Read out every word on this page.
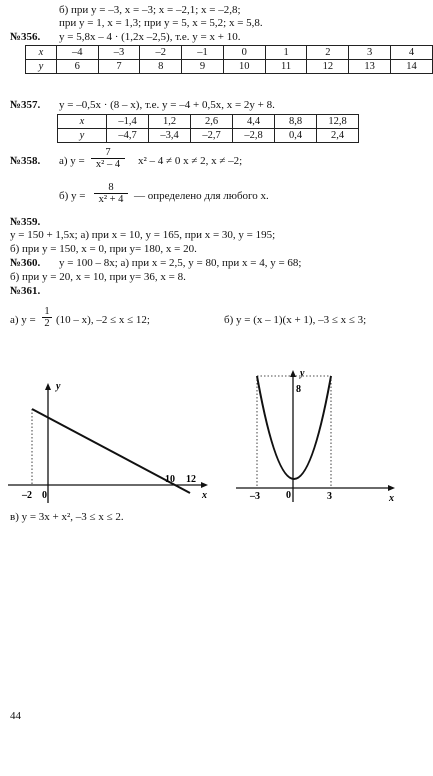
б) при y = –3, x = –3; x = –2,1; x = –2,8;
при y = 1, x = 1,3; при y = 5, x = 5,2; x = 5,8.
№356. y = 5,8x – 4 · (1,2x –2,5), т.е. y = x + 10.
x	–4	–3	–2	–1	0	1	2	3	4
y	6	7	8	9	10	11	12	13	14
№357. y = –0,5x · (8 – x), т.е. y = –4 + 0,5x, x = 2y + 8.
x	–1,4	1,2	2,6	4,4	8,8	12,8
y	–4,7	–3,4	–2,7	–2,8	0,4	2,4
№358. а) $y = \frac{7}{\text{x² – 4}} x^2 - 4 \ne 0$ x ≠ 2, x ≠ –2;
б) $y = \frac{8}{\text{x² + 4}}$ — определено для любого x.
№359.
y = 150 + 1,5x; а) при x = 10, y = 165, при x = 30, y = 195;
б) при y = 150, x = 0, при y= 180, x = 20.
№360. y = 100 – 8x; а) при x = 2,5, y = 80, при x = 4, y = 68;
б) при y = 20, x = 10, при y= 36, x = 8.
№361.
а) $y = \frac{1}{2} (10 - x)$, –2 ≤ x ≤ 12;	б) y = (x – 1)(x + 1), –3 ≤ x ≤ 3;
y
x
–2 0
10 12
y
8
x
–3	0	3
в) y = 3x + x², –3 ≤ x ≤ 2.
44
